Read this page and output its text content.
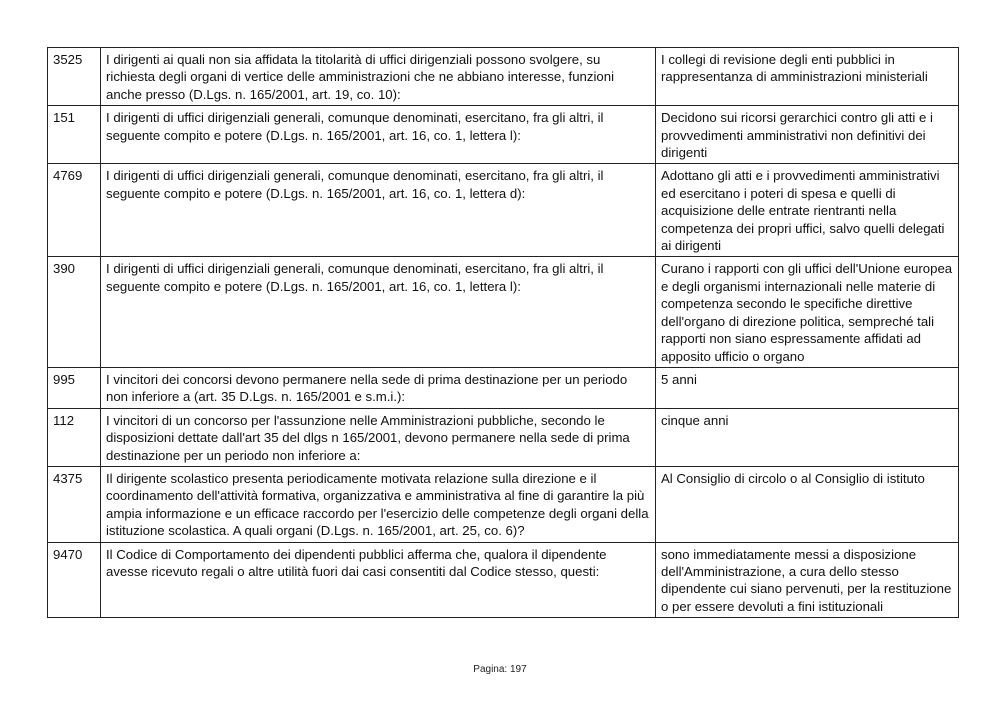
3525	I dirigenti ai quali non sia affidata la titolarità di uffici dirigenziali possono svolgere, su richiesta degli organi di vertice delle amministrazioni che ne abbiano interesse, funzioni anche presso (D.Lgs. n. 165/2001, art. 19, co. 10):	I collegi di revisione degli enti pubblici in rappresentanza di amministrazioni ministeriali
151	I dirigenti di uffici dirigenziali generali, comunque denominati, esercitano, fra gli altri, il seguente compito e potere (D.Lgs. n. 165/2001, art. 16, co. 1, lettera l):	Decidono sui ricorsi gerarchici contro gli atti e i provvedimenti amministrativi non definitivi dei dirigenti
4769	I dirigenti di uffici dirigenziali generali, comunque denominati, esercitano, fra gli altri, il seguente compito e potere (D.Lgs. n. 165/2001, art. 16, co. 1, lettera d):	Adottano gli atti e i provvedimenti amministrativi ed esercitano i poteri di spesa e quelli di acquisizione delle entrate rientranti nella competenza dei propri uffici, salvo quelli delegati ai dirigenti
390	I dirigenti di uffici dirigenziali generali, comunque denominati, esercitano, fra gli altri, il seguente compito e potere (D.Lgs. n. 165/2001, art. 16, co. 1, lettera l):	Curano i rapporti con gli uffici dell'Unione europea e degli organismi internazionali nelle materie di competenza secondo le specifiche direttive dell'organo di direzione politica, sempreché tali rapporti non siano espressamente affidati ad apposito ufficio o organo
995	I vincitori dei concorsi devono permanere nella sede di prima destinazione per un periodo non inferiore a (art. 35 D.Lgs. n. 165/2001 e s.m.i.):	5 anni
112	I vincitori di un concorso per l'assunzione nelle Amministrazioni pubbliche, secondo le disposizioni dettate dall'art 35 del dlgs n 165/2001, devono permanere nella sede di prima destinazione per un periodo non inferiore a:	cinque anni
4375	Il dirigente scolastico presenta periodicamente motivata relazione sulla direzione e il coordinamento dell'attività formativa, organizzativa e amministrativa al fine di garantire la più ampia informazione e un efficace raccordo per l'esercizio delle competenze degli organi della istituzione scolastica. A quali organi (D.Lgs. n. 165/2001, art. 25, co. 6)?	Al Consiglio di circolo o al Consiglio di istituto
9470	Il Codice di Comportamento dei dipendenti pubblici afferma che, qualora il dipendente avesse ricevuto regali o altre utilità fuori dai casi consentiti dal Codice stesso, questi:	sono immediatamente messi a disposizione dell'Amministrazione, a cura dello stesso dipendente cui siano pervenuti, per la restituzione o per essere devoluti a fini istituzionali
Pagina: 197
